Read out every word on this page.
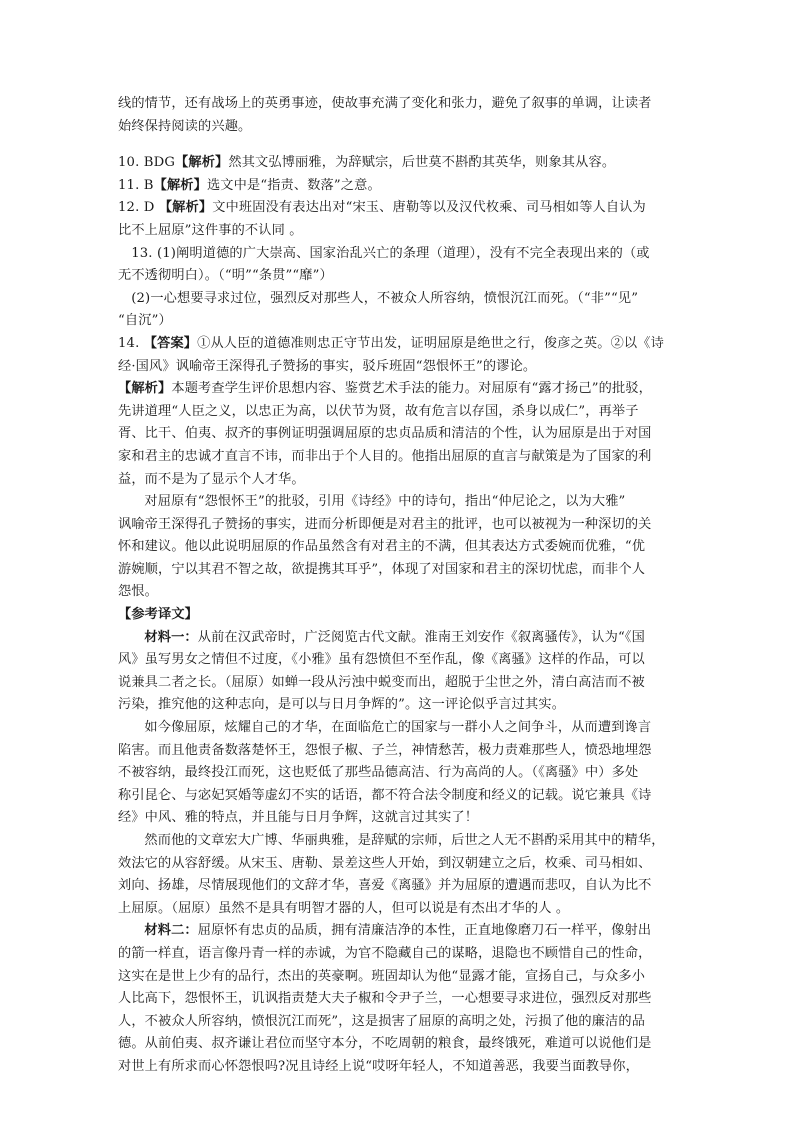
线的情节，还有战场上的英勇事迹，使故事充满了变化和张力，避免了叙事的单调，让读者

始终保持阅读的兴趣。

10. BDG【解析】然其文弘博丽雅，为辞赋宗，后世莫不斟酌其英华，则象其从容。

11. B【解析】选文中是“指责、数落”之意。

12. D 【解析】文中班固没有表达出对“宋玉、唐勒等以及汉代枚乘、司马相如等人自认为

比不上屈原”这件事的不认同 。

13. (1)阐明道德的广大崇高、国家治乱兴亡的条理（道理），没有不完全表现出来的（或

无不透彻明白）。（“明”“条贯”“靡”）

(2)一心想要寻求过位，强烈反对那些人，不被众人所容纳，愤恨沉江而死。（“非”“见”

“自沉”）

14. 【答案】①从人臣的道德准则忠正守节出发，证明屈原是绝世之行，俊彦之英。②以《诗

经·国风》讽喻帝王深得孔子赞扬的事实，驳斥班固“怨恨怀王”的谬论。

【解析】本题考查学生评价思想内容、鉴赏艺术手法的能力。对屈原有“露才扬己”的批驳，

先讲道理“人臣之义，以忠正为高，以伏节为贤，故有危言以存国，杀身以成仁”，再举子

胥、比干、伯夷、叔齐的事例证明强调屈原的忠贞品质和清洁的个性，认为屈原是出于对国

家和君主的忠诚才直言不讳，而非出于个人目的。他指出屈原的直言与献策是为了国家的利

益，而不是为了显示个人才华。

对屈原有“怨恨怀王”的批驳，引用《诗经》中的诗句，指出“仲尼论之，以为大雅”

讽喻帝王深得孔子赞扬的事实，进而分析即便是对君主的批评，也可以被视为一种深切的关

怀和建议。他以此说明屈原的作品虽然含有对君主的不满，但其表达方式委婉而优雅，“优

游婉顺，宁以其君不智之故，欲提携其耳乎”，体现了对国家和君主的深切忧虑，而非个人

怨恨。

【参考译文】

材料一：从前在汉武帝时，广泛阅览古代文献。淮南王刘安作《叙离骚传》，认为“《国

风》虽写男女之情但不过度，《小雅》虽有怨愤但不至作乱，像《离骚》这样的作品，可以

说兼具二者之长。（屈原）如蝉一段从污浊中蜕变而出，超脱于尘世之外，清白高洁而不被

污染，推究他的这种志向，是可以与日月争辉的”。这一评论似乎言过其实。

如今像屈原，炫耀自己的才华，在面临危亡的国家与一群小人之间争斗，从而遭到谗言

陷害。而且他责备数落楚怀王，怨恨子椒、子兰，神情愁苦，极力责难那些人，愤恐地埋怨

不被容纳，最终投江而死，这也贬低了那些品德高洁、行为高尚的人。（《离骚》中）多处

称引昆仑、与宓妃冥婚等虚幻不实的话语，都不符合法令制度和经义的记载。说它兼具《诗

经》中风、雅的特点，并且能与日月争辉，这就言过其实了！

然而他的文章宏大广博、华丽典雅，是辞赋的宗师，后世之人无不斟酌采用其中的精华，

效法它的从容舒缓。从宋玉、唐勒、景差这些人开始，到汉朝建立之后，枚乘、司马相如、

刘向、扬雄，尽情展现他们的文辞才华，喜爱《离骚》并为屈原的遭遇而悲叹，自认为比不

上屈原。（屈原）虽然不是具有明智才器的人，但可以说是有杰出才华的人 。

材料二：屈原怀有忠贞的品质，拥有清廉洁净的本性，正直地像磨刀石一样平，像射出

的箭一样直，语言像丹青一样的赤诚，为官不隐藏自己的谋略，退隐也不顾惜自己的性命，

这实在是世上少有的品行，杰出的英豪啊。班固却认为他“显露才能，宣扬自己，与众多小

人比高下，怨恨怀王，讥讽指责楚大夫子椒和令尹子兰，一心想要寻求进位，强烈反对那些

人，不被众人所容纳，愤恨沉江而死”，这是损害了屈原的高明之处，污损了他的廉洁的品

德。从前伯夷、叔齐谦让君位而坚守本分，不吃周朝的粮食，最终饿死，难道可以说他们是

对世上有所求而心怀怨恨吗?况且诗经上说“哎呀年轻人，不知道善恶，我要当面教导你，
